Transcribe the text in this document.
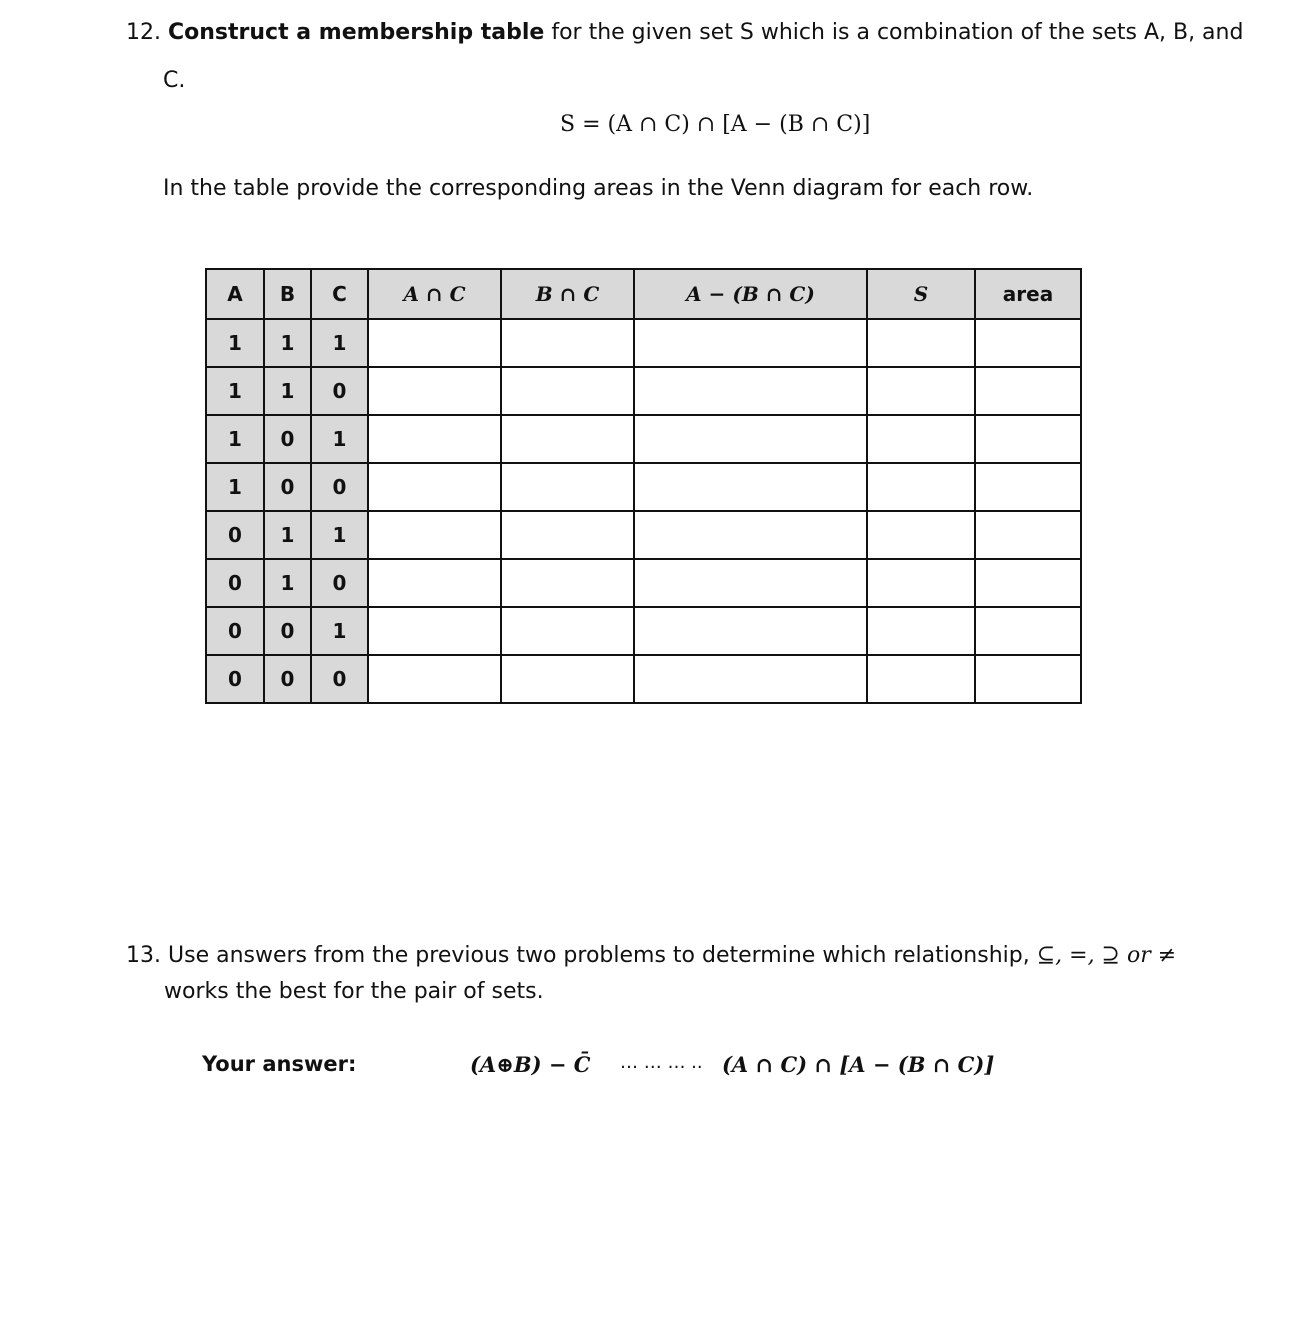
12. Construct a membership table for the given set S which is a combination of the sets A, B, and
C.
S = (A ∩ C) ∩ [A − (B ∩ C)]
In the table provide the corresponding areas in the Venn diagram for each row.
A	B	C	A ∩ C	B ∩ C	A − (B ∩ C)	S	area
1	1	1					
1	1	0					
1	0	1					
1	0	0					
0	1	1					
0	1	0					
0	0	1					
0	0	0					
13. Use answers from the previous two problems to determine which relationship, ⊆, =, ⊇ or ≠
works the best for the pair of sets.
Your answer:	(A⊕B) − C̄ … … … .. (A ∩ C) ∩ [A − (B ∩ C)]
